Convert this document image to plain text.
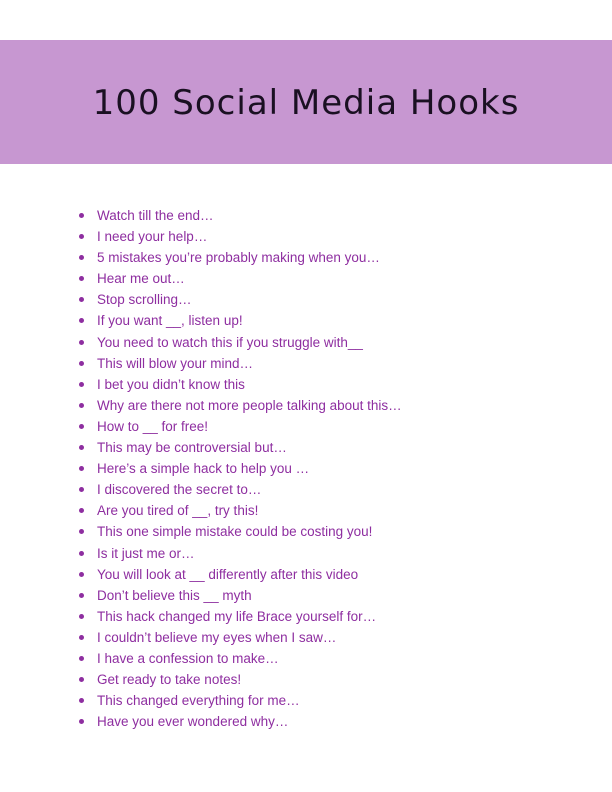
100 Social Media Hooks
Watch till the end…
I need your help…
5 mistakes you’re probably making when you…
Hear me out…
Stop scrolling…
If you want __, listen up!
You need to watch this if you struggle with__
This will blow your mind…
I bet you didn’t know this
Why are there not more people talking about this…
How to __ for free!
This may be controversial but…
Here’s a simple hack to help you …
I discovered the secret to…
Are you tired of __, try this!
This one simple mistake could be costing you!
Is it just me or…
You will look at __ differently after this video
Don’t believe this __ myth
This hack changed my life Brace yourself for…
I couldn’t believe my eyes when I saw…
I have a confession to make…
Get ready to take notes!
This changed everything for me…
Have you ever wondered why…
